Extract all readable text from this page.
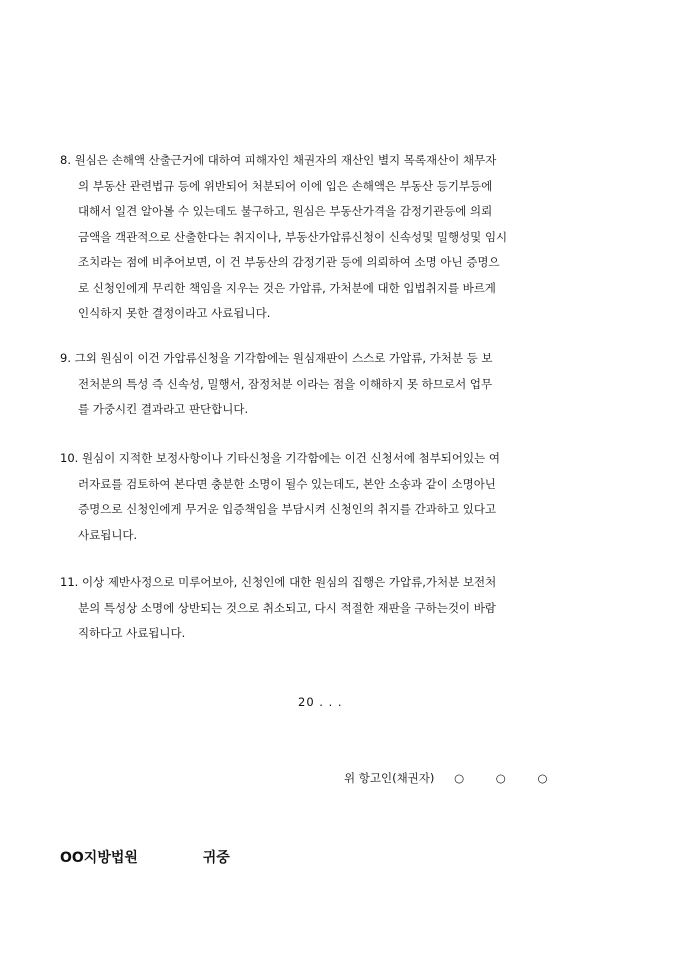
8. 원심은 손해액 산출근거에 대하여 피해자인 채권자의 재산인 별지 목록재산이 채무자
의 부동산 관련법규 등에 위반되어 처분되어 이에 입은 손해액은 부동산 등기부등에
대해서 일견 알아볼 수 있는데도 불구하고, 원심은 부동산가격을 감정기관등에 의뢰
금액을 객관적으로 산출한다는 취지이나, 부동산가압류신청이 신속성및 밀행성및 임시
조치라는 점에 비추어보면, 이 건 부동산의 감정기관 등에 의뢰하여 소명 아닌 증명으
로 신청인에게 무리한 책임을 지우는 것은 가압류, 가처분에 대한 입법취지를 바르게
인식하지 못한 결정이라고 사료됩니다.
9. 그외 원심이 이건 가압류신청을 기각함에는 원심재판이 스스로 가압류, 가처분 등 보
전처분의 특성 즉 신속성, 밀행서, 잠정처분 이라는 점을 이해하지 못 하므로서 업무
를 가중시킨 결과라고 판단합니다.
10. 원심이 지적한 보정사항이나 기타신청을 기각함에는 이건 신청서에 첨부되어있는 여
러자료를 검토하여 본다면 충분한 소명이 될수 있는데도, 본안 소송과 같이 소명아닌
증명으로 신청인에게 무거운 입증책임을 부담시켜 신청인의 취지를 간과하고 있다고
사료됩니다.
11. 이상 제반사정으로 미루어보아, 신청인에 대한 원심의 집행은 가압류,가처분 보전처
분의 특성상 소명에 상반되는 것으로 취소되고, 다시 적절한 재판을 구하는것이 바람
직하다고 사료됩니다.
20 . . .
위 항고인(채권자) ○ ○ ○
OO지방법원	귀중
